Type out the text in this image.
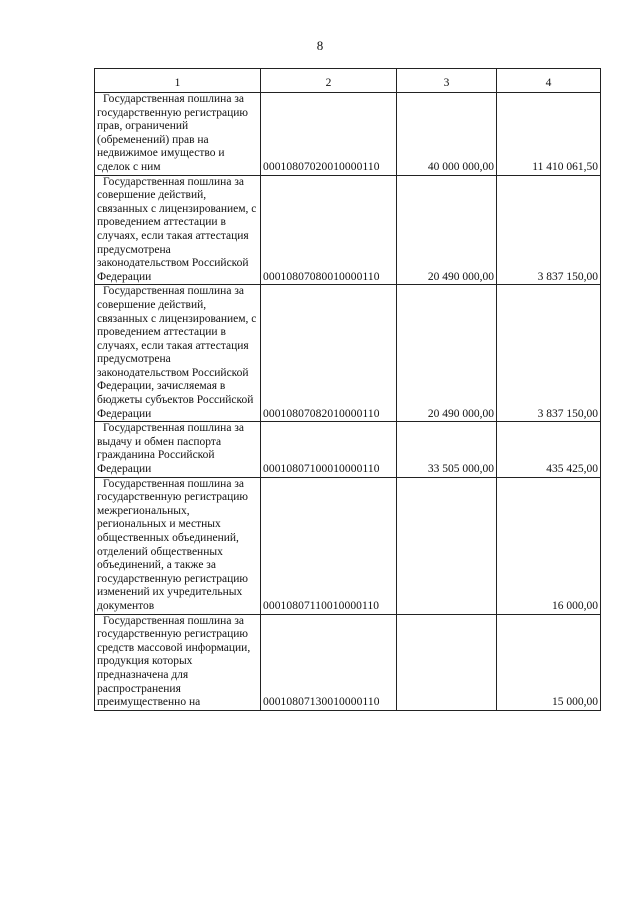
8
1	2	3	4

Государственная пошлина за государственную регистрацию прав, ограничений (обременений) прав на недвижимое имущество и сделок с ним	00010807020010000110	40 000 000,00	11 410 061,50

Государственная пошлина за совершение действий, связанных с лицензированием, с проведением аттестации в случаях, если такая аттестация предусмотрена законодательством Российской Федерации	00010807080010000110	20 490 000,00	3 837 150,00

Государственная пошлина за совершение действий, связанных с лицензированием, с проведением аттестации в случаях, если такая аттестация предусмотрена законодательством Российской Федерации, зачисляемая в бюджеты субъектов Российской Федерации	00010807082010000110	20 490 000,00	3 837 150,00

Государственная пошлина за выдачу и обмен паспорта гражданина Российской Федерации	00010807100010000110	33 505 000,00	435 425,00

Государственная пошлина за государственную регистрацию межрегиональных, региональных и местных общественных объединений, отделений общественных объединений, а также за государственную регистрацию изменений их учредительных документов	00010807110010000110		16 000,00

Государственная пошлина за государственную регистрацию средств массовой информации, продукция которых предназначена для распространения преимущественно на	00010807130010000110		15 000,00
